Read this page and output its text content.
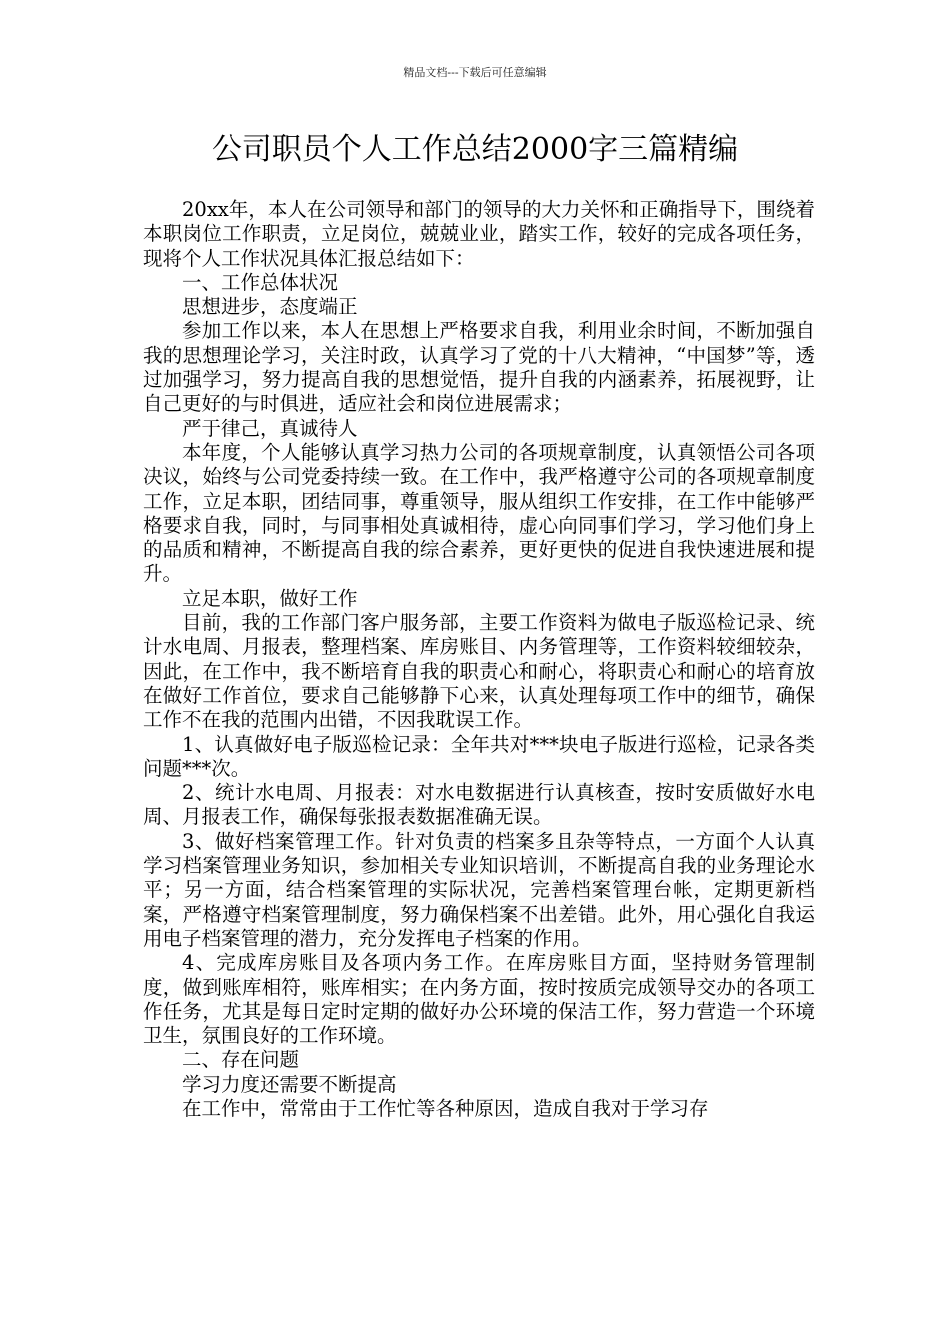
精品文档---下载后可任意编辑
公司职员个人工作总结2000字三篇精编

20xx年，本人在公司领导和部门的领导的大力关怀和正确指导下，围绕着本职岗位工作职责，立足岗位，兢兢业业，踏实工作，较好的完成各项任务，现将个人工作状况具体汇报总结如下：

一、工作总体状况

思想进步，态度端正

参加工作以来，本人在思想上严格要求自我，利用业余时间，不断加强自我的思想理论学习，关注时政，认真学习了党的十八大精神，“中国梦”等，透过加强学习，努力提高自我的思想觉悟，提升自我的内涵素养，拓展视野，让自己更好的与时俱进，适应社会和岗位进展需求；

严于律己，真诚待人

本年度，个人能够认真学习热力公司的各项规章制度，认真领悟公司各项决议，始终与公司党委持续一致。在工作中，我严格遵守公司的各项规章制度工作，立足本职，团结同事，尊重领导，服从组织工作安排，在工作中能够严格要求自我，同时，与同事相处真诚相待，虚心向同事们学习，学习他们身上的品质和精神，不断提高自我的综合素养，更好更快的促进自我快速进展和提升。

立足本职，做好工作

目前，我的工作部门客户服务部，主要工作资料为做电子版巡检记录、统计水电周、月报表，整理档案、库房账目、内务管理等，工作资料较细较杂，因此，在工作中，我不断培育自我的职责心和耐心，将职责心和耐心的培育放在做好工作首位，要求自己能够静下心来，认真处理每项工作中的细节，确保工作不在我的范围内出错，不因我耽误工作。

1、认真做好电子版巡检记录：全年共对***块电子版进行巡检，记录各类问题***次。

2、统计水电周、月报表：对水电数据进行认真核查，按时安质做好水电周、月报表工作，确保每张报表数据准确无误。

3、做好档案管理工作。针对负责的档案多且杂等特点，一方面个人认真学习档案管理业务知识，参加相关专业知识培训，不断提高自我的业务理论水平；另一方面，结合档案管理的实际状况，完善档案管理台帐，定期更新档案，严格遵守档案管理制度，努力确保档案不出差错。此外，用心强化自我运用电子档案管理的潜力，充分发挥电子档案的作用。

4、完成库房账目及各项内务工作。在库房账目方面，坚持财务管理制度，做到账库相符，账库相实；在内务方面，按时按质完成领导交办的各项工作任务，尤其是每日定时定期的做好办公环境的保洁工作，努力营造一个环境卫生，氛围良好的工作环境。

二、存在问题

学习力度还需要不断提高

在工作中，常常由于工作忙等各种原因，造成自我对于学习存
